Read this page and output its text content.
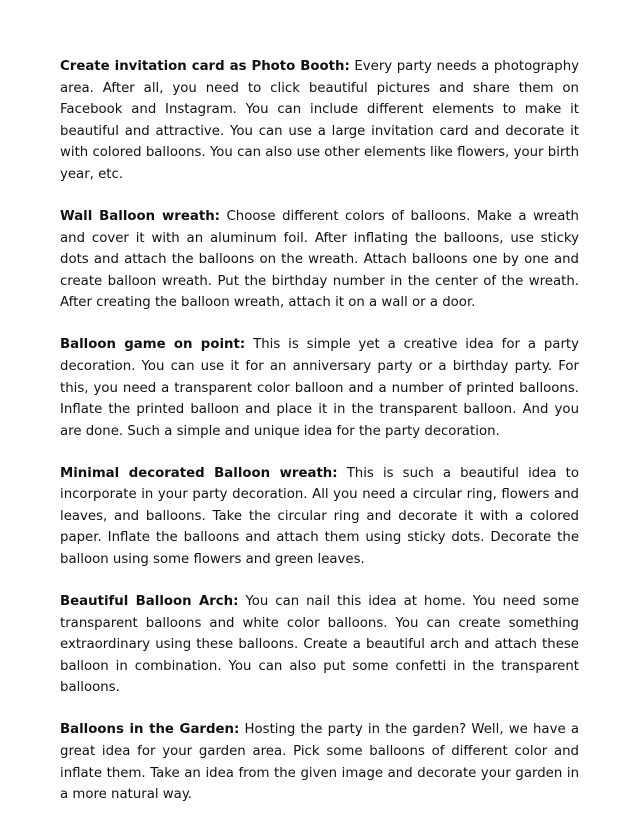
Create invitation card as Photo Booth: Every party needs a photography area. After all, you need to click beautiful pictures and share them on Facebook and Instagram. You can include different elements to make it beautiful and attractive. You can use a large invitation card and decorate it with colored balloons. You can also use other elements like flowers, your birth year, etc.

Wall Balloon wreath: Choose different colors of balloons. Make a wreath and cover it with an aluminum foil. After inflating the balloons, use sticky dots and attach the balloons on the wreath. Attach balloons one by one and create balloon wreath. Put the birthday number in the center of the wreath. After creating the balloon wreath, attach it on a wall or a door.

Balloon game on point: This is simple yet a creative idea for a party decoration. You can use it for an anniversary party or a birthday party. For this, you need a transparent color balloon and a number of printed balloons. Inflate the printed balloon and place it in the transparent balloon. And you are done. Such a simple and unique idea for the party decoration.

Minimal decorated Balloon wreath: This is such a beautiful idea to incorporate in your party decoration. All you need a circular ring, flowers and leaves, and balloons. Take the circular ring and decorate it with a colored paper. Inflate the balloons and attach them using sticky dots. Decorate the balloon using some flowers and green leaves.

Beautiful Balloon Arch: You can nail this idea at home. You need some transparent balloons and white color balloons. You can create something extraordinary using these balloons. Create a beautiful arch and attach these balloon in combination. You can also put some confetti in the transparent balloons.

Balloons in the Garden: Hosting the party in the garden? Well, we have a great idea for your garden area. Pick some balloons of different color and inflate them. Take an idea from the given image and decorate your garden in a more natural way.
